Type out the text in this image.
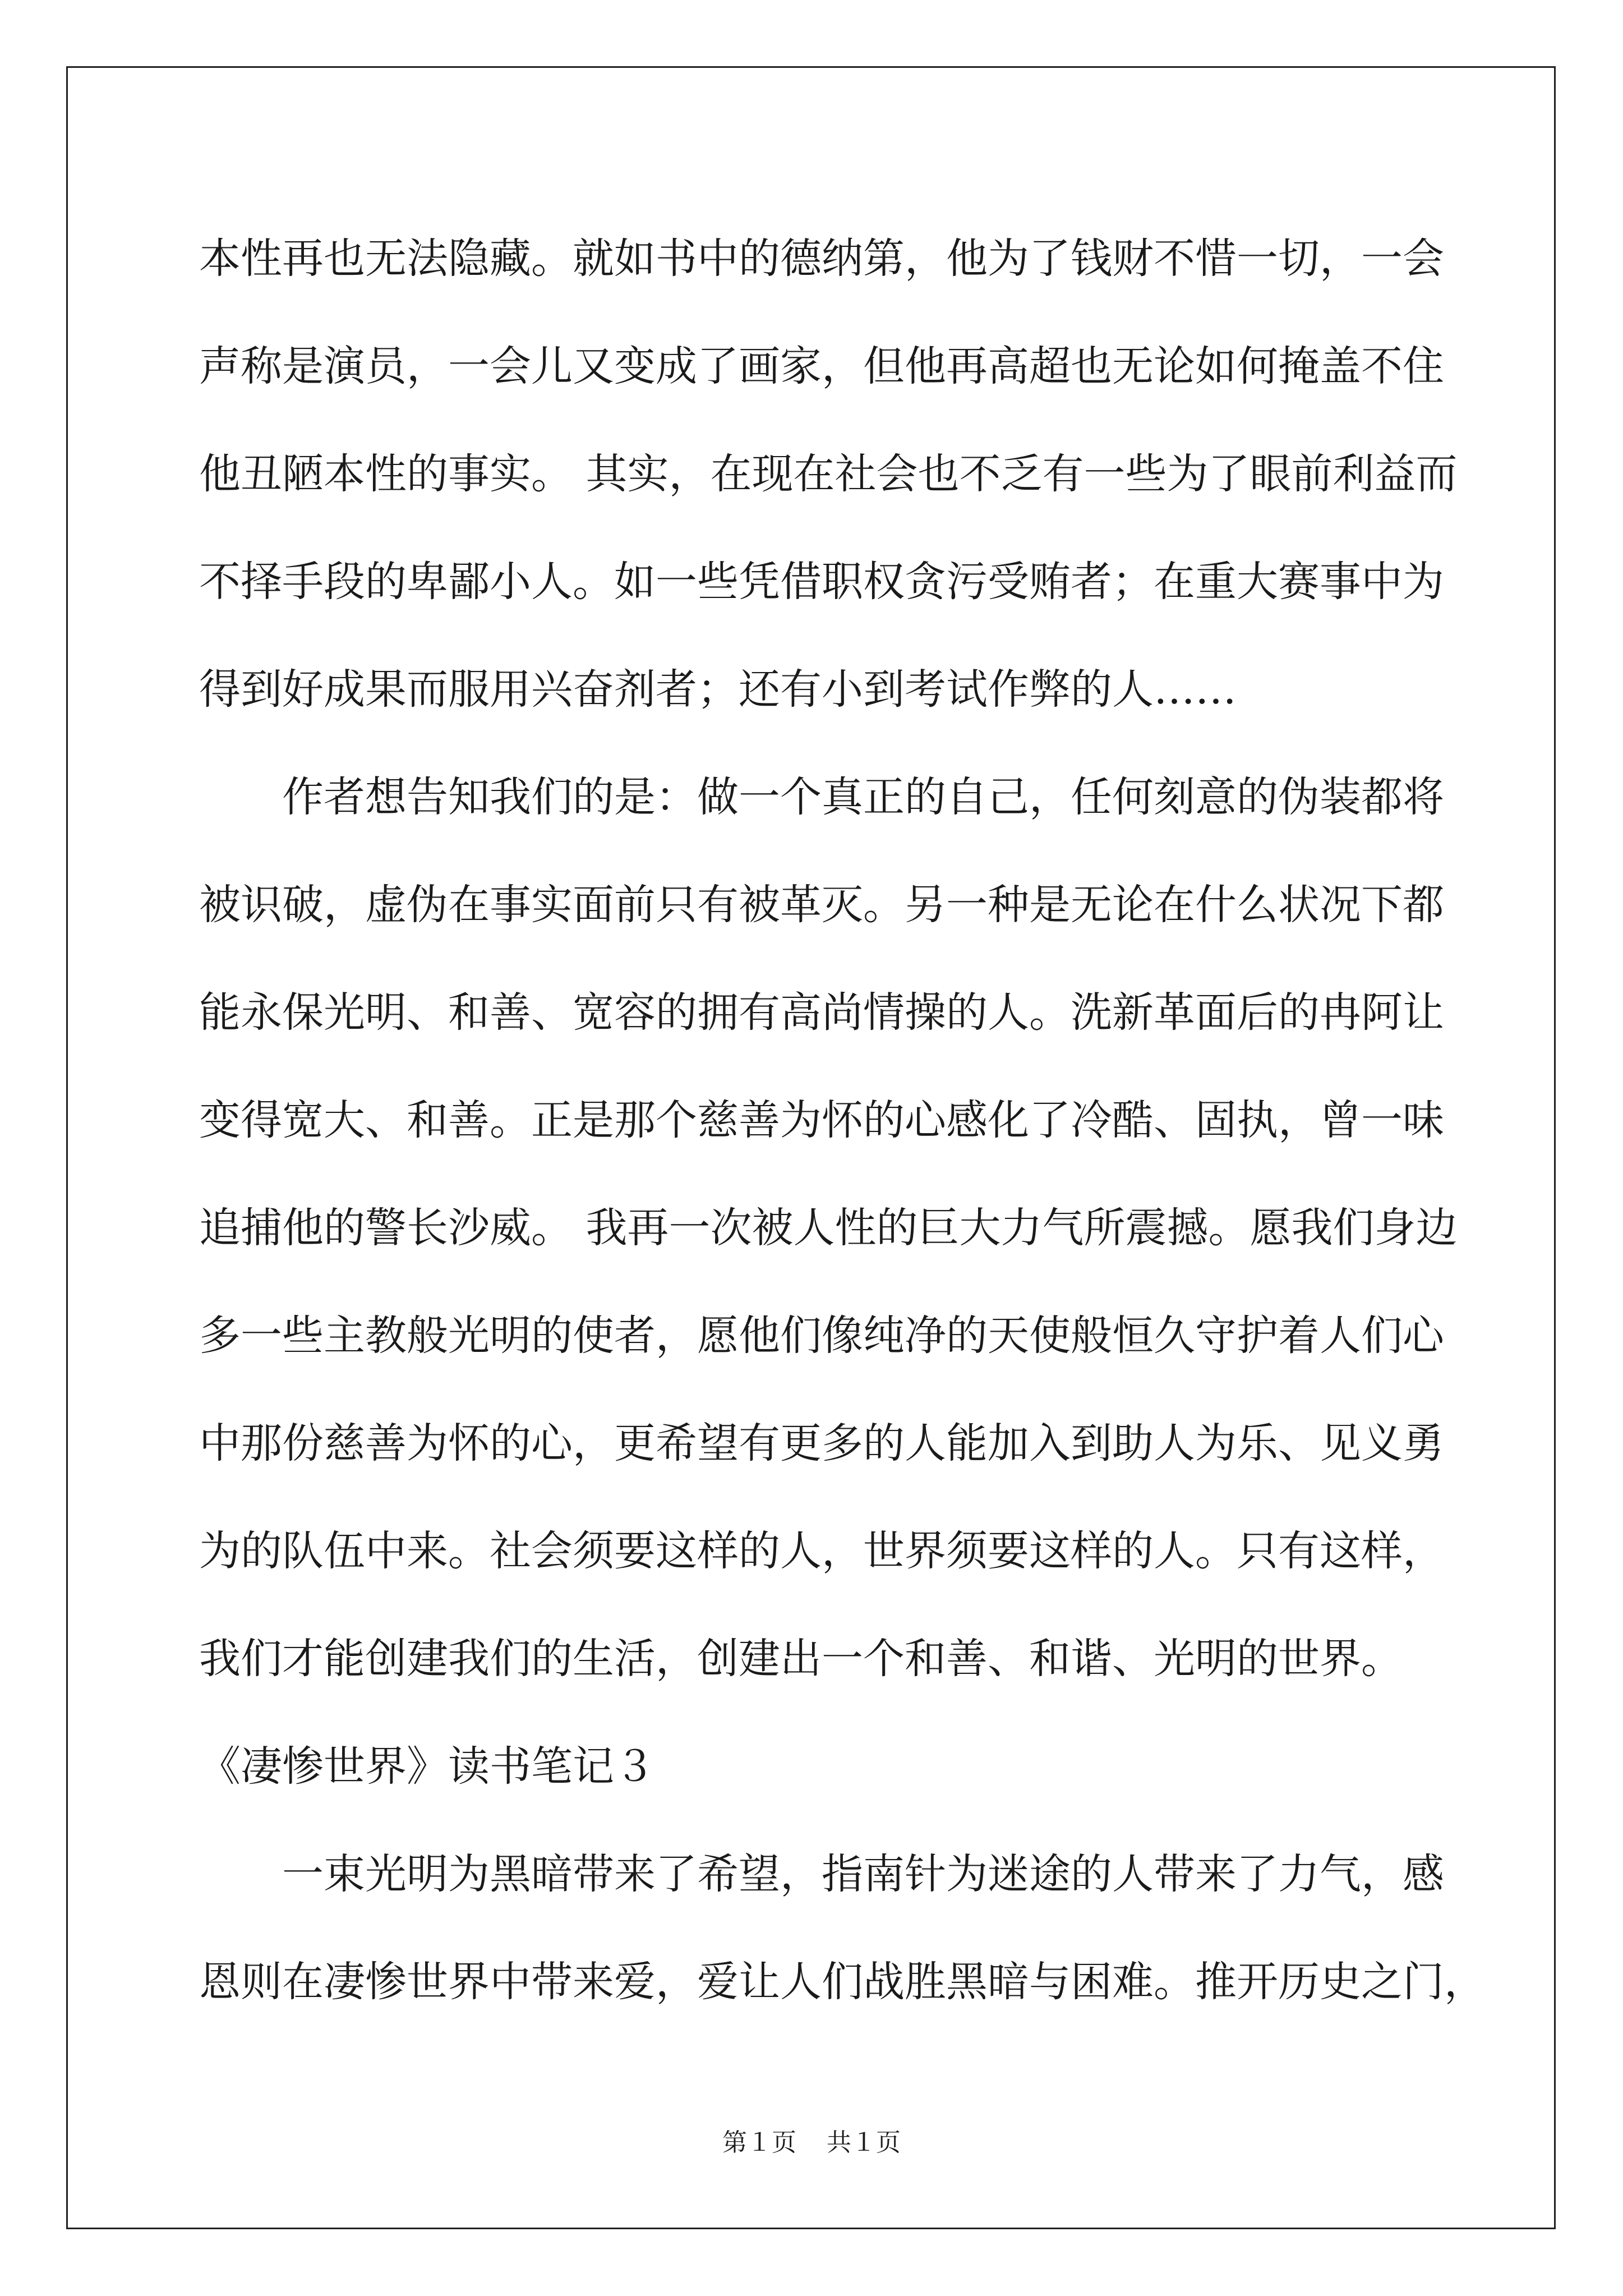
本性再也无法隐藏。就如书中的德纳第，他为了钱财不惜一切，一会
声称是演员，一会儿又变成了画家，但他再高超也无论如何掩盖不住
他丑陋本性的事实。 其实，在现在社会也不乏有一些为了眼前利益而
不择手段的卑鄙小人。如一些凭借职权贪污受贿者；在重大赛事中为
得到好成果而服用兴奋剂者；还有小到考试作弊的人……
作者想告知我们的是：做一个真正的自己，任何刻意的伪装都将
被识破，虚伪在事实面前只有被革灭。另一种是无论在什么状况下都
能永保光明、和善、宽容的拥有高尚情操的人。洗新革面后的冉阿让
变得宽大、和善。正是那个慈善为怀的心感化了冷酷、固执，曾一味
追捕他的警长沙威。 我再一次被人性的巨大力气所震撼。愿我们身边
多一些主教般光明的使者，愿他们像纯净的天使般恒久守护着人们心
中那份慈善为怀的心，更希望有更多的人能加入到助人为乐、见义勇
为的队伍中来。社会须要这样的人，世界须要这样的人。只有这样，
我们才能创建我们的生活，创建出一个和善、和谐、光明的世界。
《凄惨世界》读书笔记３
一束光明为黑暗带来了希望，指南针为迷途的人带来了力气，感
恩则在凄惨世界中带来爱，爱让人们战胜黑暗与困难。推开历史之门，
第１页 共１页
